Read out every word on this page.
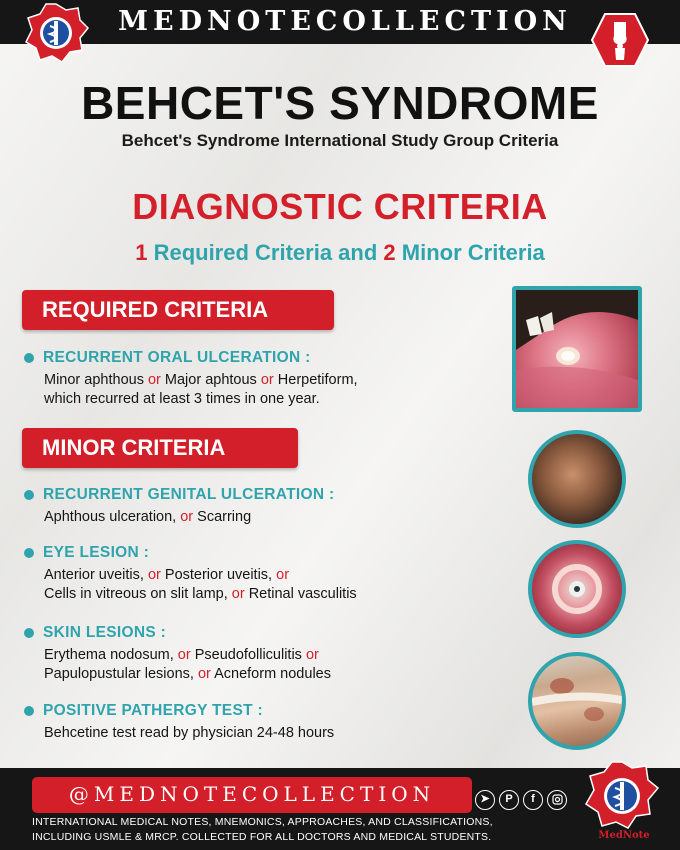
MEDNOTECOLLECTION
BEHCET'S SYNDROME
Behcet's Syndrome International Study Group Criteria
DIAGNOSTIC CRITERIA
1 Required Criteria and 2 Minor Criteria
REQUIRED CRITERIA
RECURRENT ORAL ULCERATION :
Minor aphthous or Major aphtous or Herpetiform,
which recurred at least 3 times in one year.
MINOR CRITERIA
RECURRENT GENITAL ULCERATION :
Aphthous ulceration, or Scarring
EYE LESION :
Anterior uveitis, or Posterior uveitis, or
Cells in vitreous on slit lamp, or Retinal vasculitis
SKIN LESIONS :
Erythema nodosum, or Pseudofolliculitis or
Papulopustular lesions, or Acneform nodules
POSITIVE PATHERGY TEST :
Behcetine test read by physician 24-48 hours
@MEDNOTECOLLECTION	➤	P	f
INTERNATIONAL MEDICAL NOTES, MNEMONICS, APPROACHES, AND CLASSIFICATIONS,
INCLUDING USMLE & MRCP. COLLECTED FOR ALL DOCTORS AND MEDICAL STUDENTS.	MedNote
